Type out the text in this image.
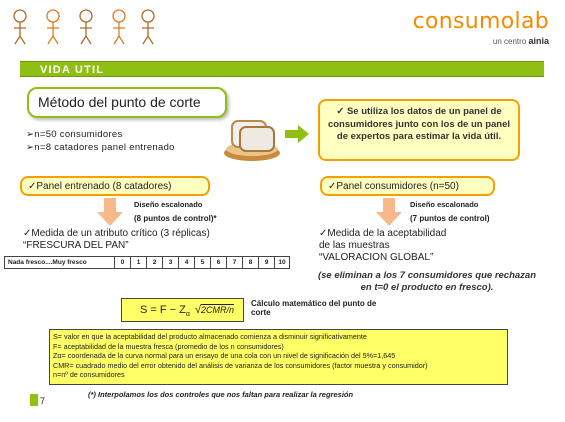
consumolab
un centro ainia
VIDA UTIL
Método del punto de corte
➢n=50 consumidores
➢n=8 catadores panel entrenado
✓ Se utiliza los datos de un panel de consumidores junto con los de un panel de expertos para estimar la vida útil.
✓Panel entrenado (8 catadores)	✓Panel consumidores (n=50)
Diseño escalonado
(8 puntos de control)*
Diseño escalonado
(7 puntos de control)
✓Medida de un atributo crítico (3 réplicas)
“FRESCURA DEL PAN”
✓Medida de la aceptabilidad
de las muestras
“VALORACION GLOBAL”
Nada fresco....Muy fresco	0	1	2	3	4	5	6	7	8	9	10
(se eliminan a los 7 consumidores que rechazan en t=0 el producto en fresco).
$S = F - Z_\alpha$ √2CMR/n
Cálculo matemático del punto de
corte
S= valor en que la aceptabilidad del producto almacenado comienza a disminuir significativamente
F= aceptabilidad de la muestra fresca (promedio de los n consumidores)
Zα= coordenada de la curva normal para un ensayo de una cola con un nivel de significación del 5%=1,645
CMR= cuadrado medio del error obtenido del análisis de varianza de los consumidores (factor muestra y consumidor)
n=nº de consumidores
(*) Interpolamos los dos controles que nos faltan para realizar la regresión
7
